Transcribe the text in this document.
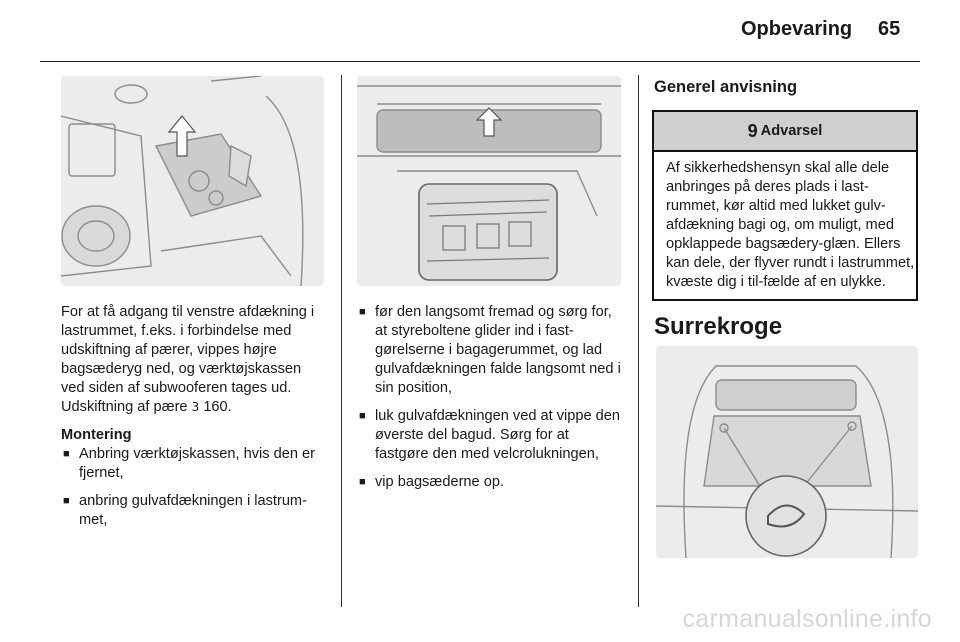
Opbevaring 65

For at få adgang til venstre afdækning i lastrummet, f.eks. i forbindelse med udskiftning af pærer, vippes højre bagsæderyg ned, og værktøjskassen ved siden af subwooferen tages ud. Udskiftning af pære 3 160.

Montering
■ Anbring værktøjskassen, hvis den er fjernet,
■ anbring gulvafdækningen i lastrum-met,
■ før den langsomt fremad og sørg for, at styreboltene glider ind i fast-gørelserne i bagagerummet, og lad gulvafdækningen falde langsomt ned i sin position,
■ luk gulvafdækningen ved at vippe den øverste del bagud. Sørg for at fastgøre den med velcrolukningen,
■ vip bagsæderne op.
Generel anvisning
9 Advarsel

Af sikkerhedshensyn skal alle dele anbringes på deres plads i last-rummet, kør altid med lukket gulv-afdækning bagi og, om muligt, med opklappede bagsædery-glæn. Ellers kan dele, der flyver rundt i lastrummet, kvæste dig i til-fælde af en ulykke.

Surrekroge
carmanualsonline.info
